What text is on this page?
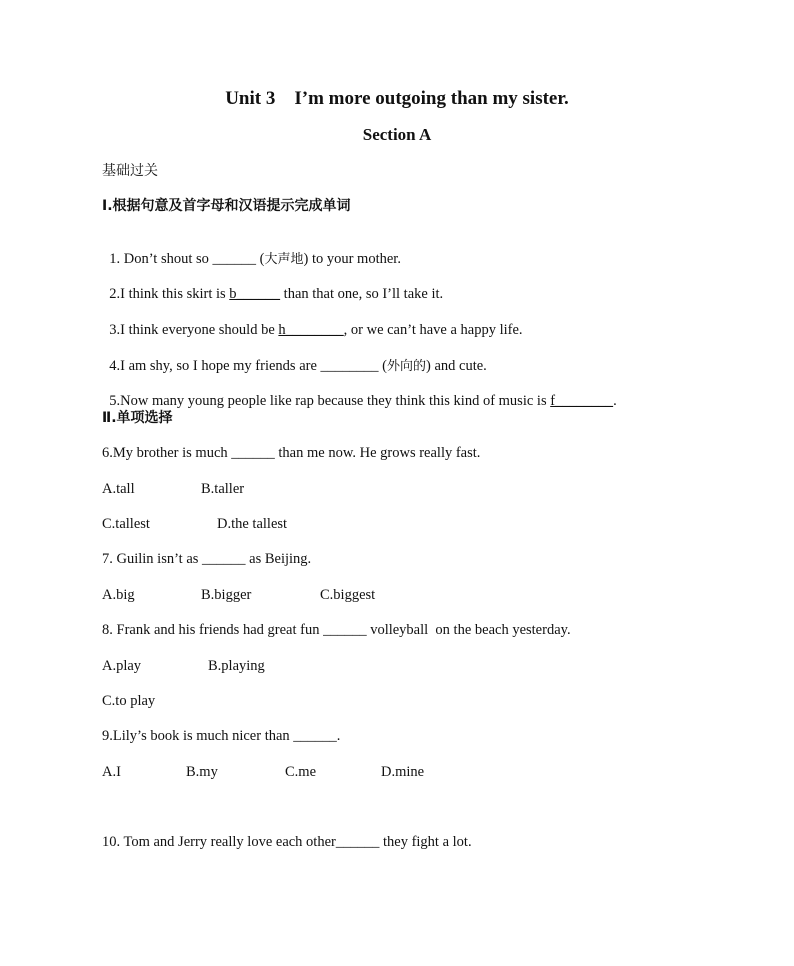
Unit 3    I’m more outgoing than my sister.
Section A
基础过关
Ⅰ.根据句意及首字母和汉语提示完成单词

1. Don’t shout so ______ (大声地) to your mother.

2.I think this skirt is b______ than that one, so I’ll take it.

3.I think everyone should be h________, or we can’t have a happy life.

4.I am shy, so I hope my friends are ________ (外向的) and cute.

5.Now many young people like rap because they think this kind of music is f________.

Ⅱ.单项选择
6.My brother is much ______ than me now. He grows really fast.
A.tall	B.taller
C.tallest	D.the tallest
7. Guilin isn’t as ______ as Beijing.
A.big	B.bigger	C.biggest
8. Frank and his friends had great fun ______ volleyball  on the beach yesterday.
A.play	B.playing
C.to play
9.Lily’s book is much nicer than ______.
A.I	B.my	C.me	D.mine
10. Tom and Jerry really love each other______ they fight a lot.
